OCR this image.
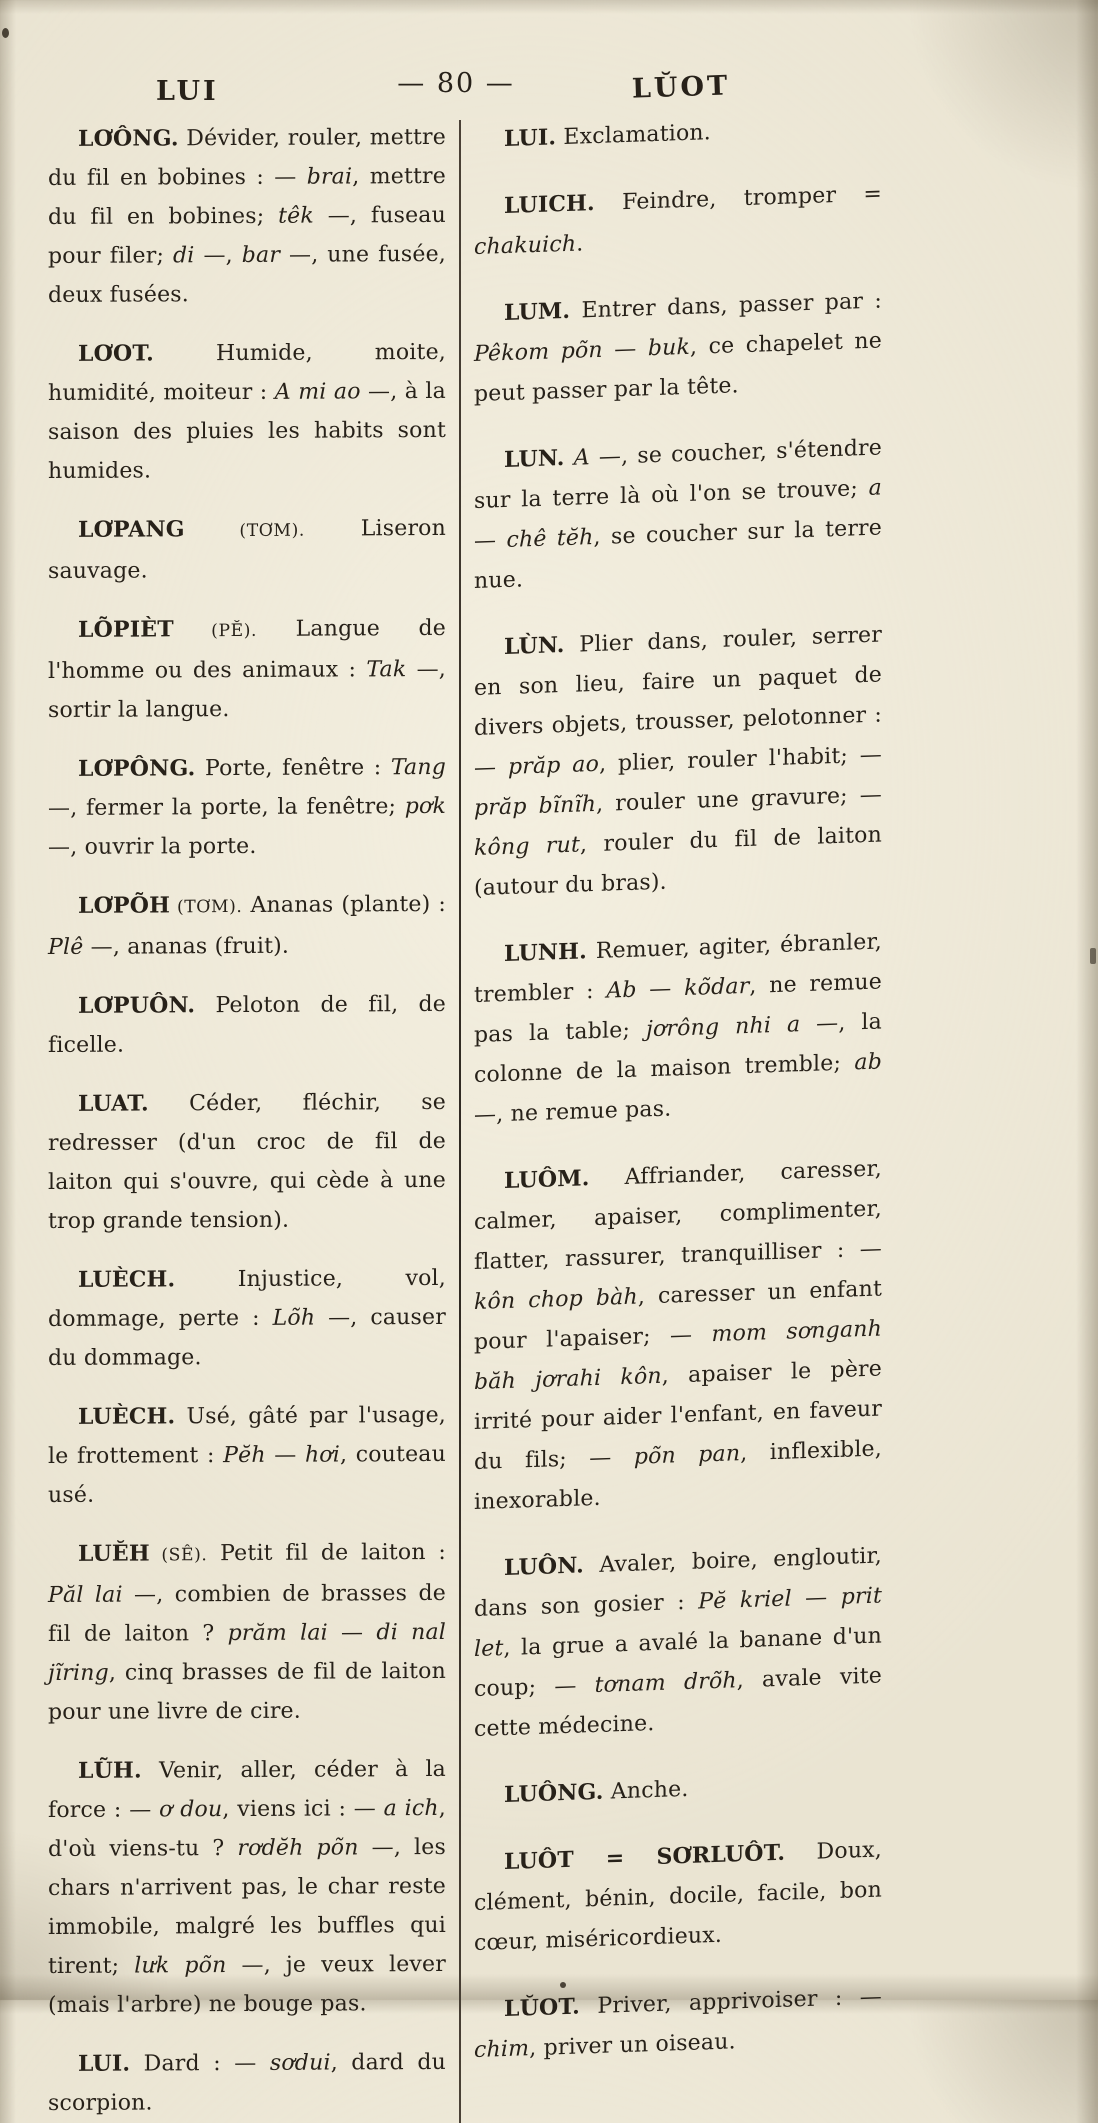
LUI	— 80 —	LŬOT

LƠÔNG. Dévider, rouler, mettre du fil en bobines : — brai, mettre du fil en bobines; têk —, fuseau pour filer; di —, bar —, une fusée, deux fusées.

LƠOT. Humide, moite, humidité, moiteur : A mi ao —, à la saison des pluies les habits sont humides.

LƠPANG (TƠM). Liseron sauvage.

LÕPIÈT (PĔ). Langue de l'homme ou des animaux : Tak —, sortir la langue.

LƠPÔNG. Porte, fenêtre : Tang —, fermer la porte, la fenêtre; pơk —, ouvrir la porte.

LƠPÕH (TƠM). Ananas (plante) : Plê —, ananas (fruit).

LƠPUÔN. Peloton de fil, de ficelle.

LUAT. Céder, fléchir, se redresser (d'un croc de fil de laiton qui s'ouvre, qui cède à une trop grande tension).

LUÈCH. Injustice, vol, dommage, perte : Lõh —, causer du dommage.

LUÈCH. Usé, gâté par l'usage, le frottement : Pĕh — hơi, couteau usé.

LUĔH (SÊ). Petit fil de laiton : Păl lai —, combien de brasses de fil de laiton ? prăm lai — di nal jĩring, cinq brasses de fil de laiton pour une livre de cire.

LŨH. Venir, aller, céder à la force : — ơ dou, viens ici : — a ich, d'où viens-tu ? rơdĕh põn —, les chars n'arrivent pas, le char reste immobile, malgré les buffles qui tirent; lưk põn —, je veux lever (mais l'arbre) ne bouge pas.

LUI. Dard : — sơdui, dard du scorpion.

LUI. Exclamation.

LUICH. Feindre, tromper = chakuich.

LUM. Entrer dans, passer par : Pêkom põn — buk, ce chapelet ne peut passer par la tête.

LUN. A —, se coucher, s'étendre sur la terre là où l'on se trouve; a — chê tĕh, se coucher sur la terre nue.

LÙN. Plier dans, rouler, serrer en son lieu, faire un paquet de divers objets, trousser, pelotonner : — prăp ao, plier, rouler l'habit; — prăp bĩnĩh, rouler une gravure; — kông rut, rouler du fil de laiton (autour du bras).

LUNH. Remuer, agiter, ébranler, trembler : Ab — kõdar, ne remue pas la table; jơrông nhi a —, la colonne de la maison tremble; ab —, ne remue pas.

LUÔM. Affriander, caresser, calmer, apaiser, complimenter, flatter, rassurer, tranquilliser : — kôn chop bàh, caresser un enfant pour l'apaiser; — mom sơnganh băh jơrahi kôn, apaiser le père irrité pour aider l'enfant, en faveur du fils; — põn pan, inflexible, inexorable.

LUÔN. Avaler, boire, engloutir, dans son gosier : Pĕ kriel — prit let, la grue a avalé la banane d'un coup; — tơnam drõh, avale vite cette médecine.

LUÔNG. Anche.

LUÔT = SƠRLUÔT. Doux, clément, bénin, docile, facile, bon cœur, miséricordieux.

LŬOT. Priver, apprivoiser : — chim, priver un oiseau.
